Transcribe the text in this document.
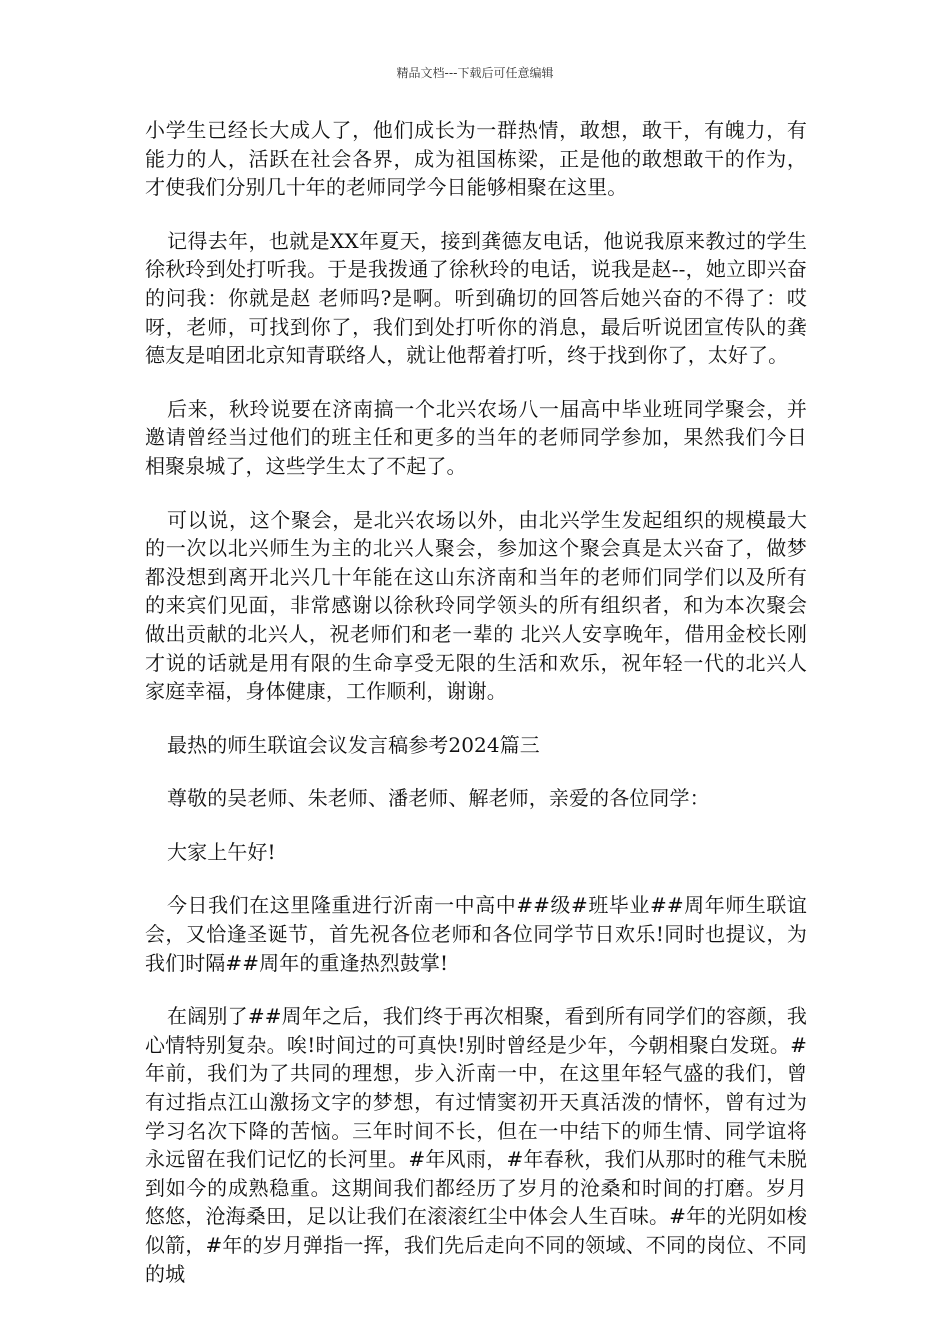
精品文档---下载后可任意编辑

小学生已经长大成人了，他们成长为一群热情，敢想，敢干，有魄力，有能力的人，活跃在社会各界，成为祖国栋梁，正是他的敢想敢干的作为，才使我们分别几十年的老师同学今日能够相聚在这里。

记得去年，也就是XX年夏天，接到龚德友电话，他说我原来教过的学生徐秋玲到处打听我。于是我拨通了徐秋玲的电话，说我是赵--，她立即兴奋的问我：你就是赵 老师吗?是啊。听到确切的回答后她兴奋的不得了：哎呀，老师，可找到你了，我们到处打听你的消息，最后听说团宣传队的龚德友是咱团北京知青联络人，就让他帮着打听，终于找到你了，太好了。

后来，秋玲说要在济南搞一个北兴农场八一届高中毕业班同学聚会，并邀请曾经当过他们的班主任和更多的当年的老师同学参加，果然我们今日相聚泉城了，这些学生太了不起了。

可以说，这个聚会，是北兴农场以外，由北兴学生发起组织的规模最大的一次以北兴师生为主的北兴人聚会，参加这个聚会真是太兴奋了，做梦都没想到离开北兴几十年能在这山东济南和当年的老师们同学们以及所有的来宾们见面，非常感谢以徐秋玲同学领头的所有组织者，和为本次聚会做出贡献的北兴人，祝老师们和老一辈的 北兴人安享晚年，借用金校长刚才说的话就是用有限的生命享受无限的生活和欢乐，祝年轻一代的北兴人家庭幸福，身体健康，工作顺利，谢谢。

最热的师生联谊会议发言稿参考2024篇三

尊敬的吴老师、朱老师、潘老师、解老师，亲爱的各位同学：

大家上午好!

今日我们在这里隆重进行沂南一中高中##级#班毕业##周年师生联谊会，又恰逢圣诞节，首先祝各位老师和各位同学节日欢乐!同时也提议，为我们时隔##周年的重逢热烈鼓掌!

在阔别了##周年之后，我们终于再次相聚，看到所有同学们的容颜，我心情特别复杂。唉!时间过的可真快!别时曾经是少年，今朝相聚白发斑。#年前，我们为了共同的理想，步入沂南一中，在这里年轻气盛的我们，曾有过指点江山激扬文字的梦想，有过情窦初开天真活泼的情怀，曾有过为学习名次下降的苦恼。三年时间不长，但在一中结下的师生情、同学谊将永远留在我们记忆的长河里。#年风雨，#年春秋，我们从那时的稚气未脱到如今的成熟稳重。这期间我们都经历了岁月的沧桑和时间的打磨。岁月悠悠，沧海桑田，足以让我们在滚滚红尘中体会人生百味。#年的光阴如梭似箭，#年的岁月弹指一挥，我们先后走向不同的领域、不同的岗位、不同的城
